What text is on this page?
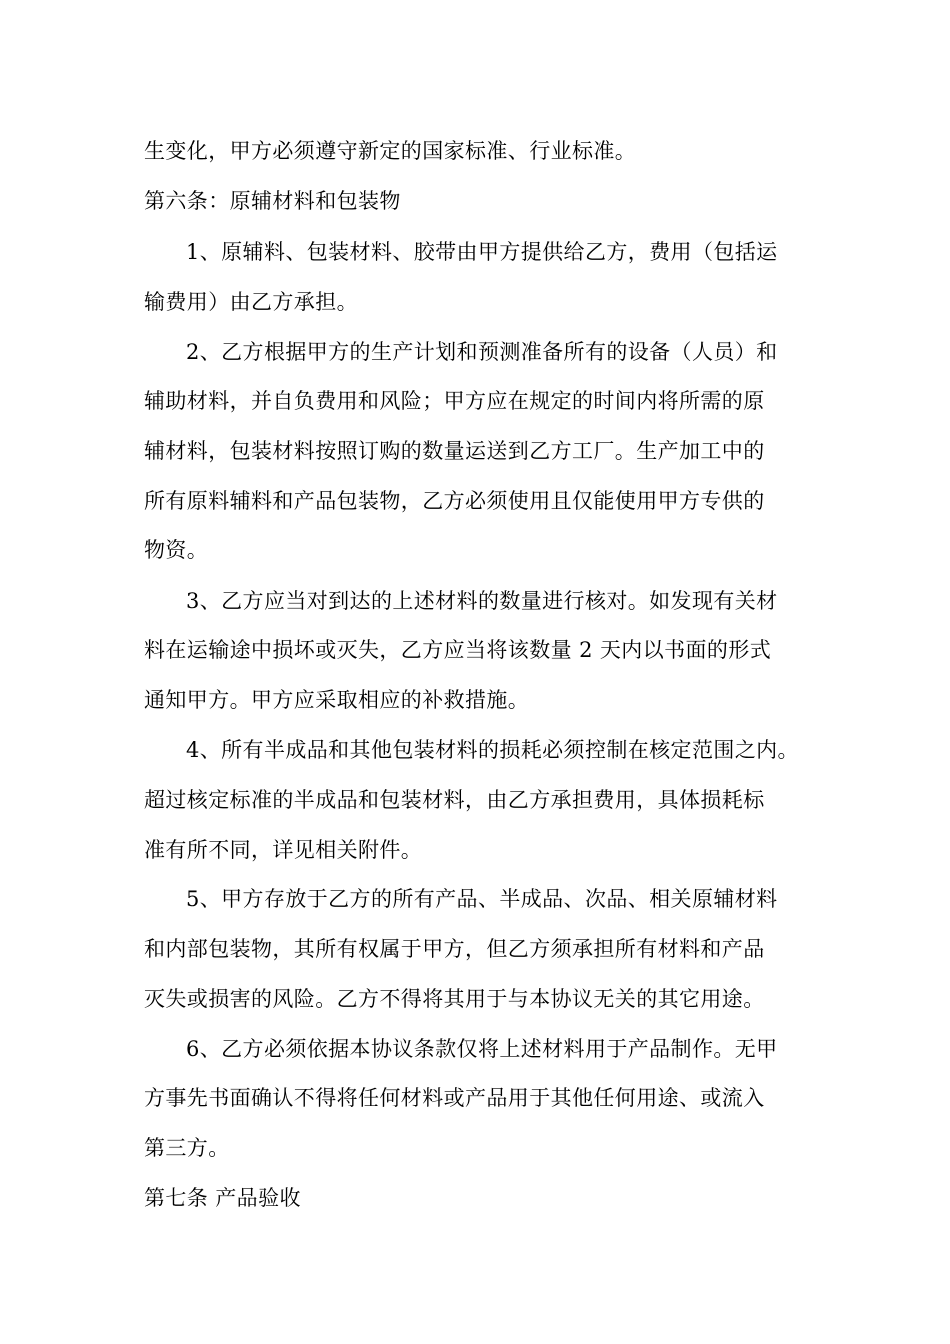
生变化，甲方必须遵守新定的国家标准、行业标准。
第六条：原辅材料和包装物
1、原辅料、包装材料、胶带由甲方提供给乙方，费用（包括运
输费用）由乙方承担。
2、乙方根据甲方的生产计划和预测准备所有的设备（人员）和
辅助材料，并自负费用和风险；甲方应在规定的时间内将所需的原
辅材料，包装材料按照订购的数量运送到乙方工厂。生产加工中的
所有原料辅料和产品包装物，乙方必须使用且仅能使用甲方专供的
物资。
3、乙方应当对到达的上述材料的数量进行核对。如发现有关材
料在运输途中损坏或灭失，乙方应当将该数量 2 天内以书面的形式
通知甲方。甲方应采取相应的补救措施。
4、所有半成品和其他包装材料的损耗必须控制在核定范围之内。
超过核定标准的半成品和包装材料，由乙方承担费用，具体损耗标
准有所不同，详见相关附件。
5、甲方存放于乙方的所有产品、半成品、次品、相关原辅材料
和内部包装物，其所有权属于甲方，但乙方须承担所有材料和产品
灭失或损害的风险。乙方不得将其用于与本协议无关的其它用途。
6、乙方必须依据本协议条款仅将上述材料用于产品制作。无甲
方事先书面确认不得将任何材料或产品用于其他任何用途、或流入
第三方。
第七条 产品验收
